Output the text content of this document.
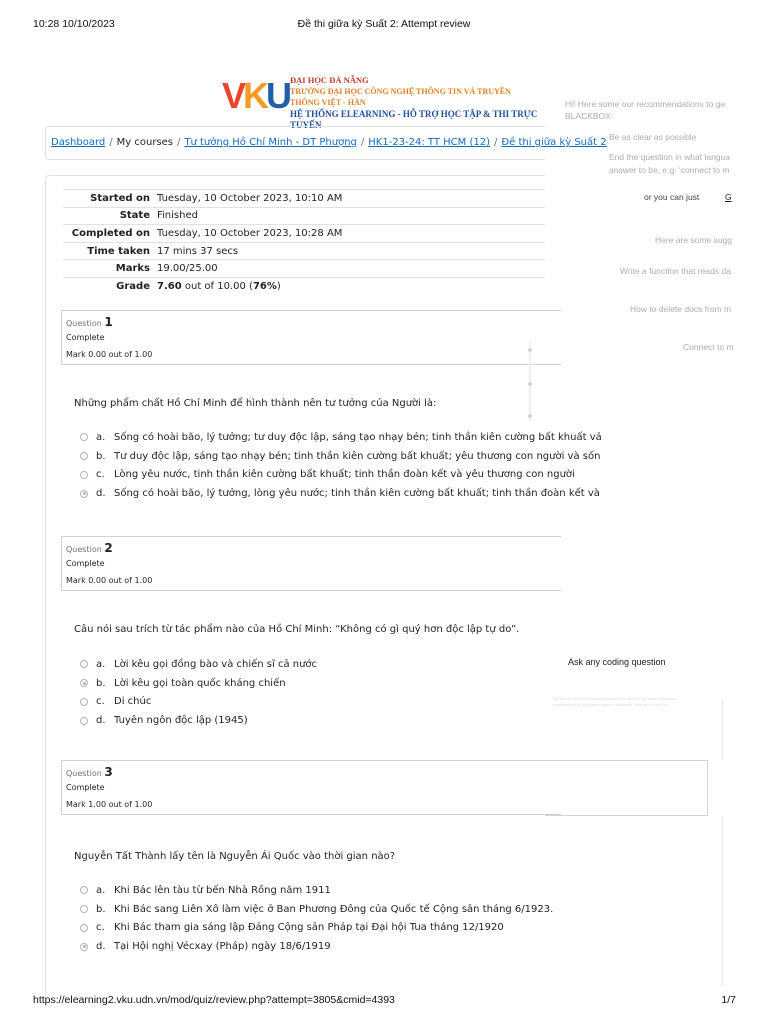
10:28 10/10/2023	Đề thi giữa kỳ Suất 2: Attempt review
VKU ĐẠI HỌC ĐÀ NẴNG
TRƯỜNG ĐẠI HỌC CÔNG NGHỆ THÔNG TIN VÀ TRUYỀN THÔNG VIỆT - HÀN
HỆ THỐNG ELEARNING - HỖ TRỢ HỌC TẬP & THI TRỰC TUYẾN
Dashboard / My courses / Tư tưởng Hồ Chí Minh - DT Phượng / HK1-23-24: TT HCM (12) / Đề thi giữa kỳ Suất 2
Started on	Tuesday, 10 October 2023, 10:10 AM
State	Finished
Completed on	Tuesday, 10 October 2023, 10:28 AM
Time taken	17 mins 37 secs
Marks	19.00/25.00
Grade	7.60 out of 10.00 (76%)
Question 1
Complete
Mark 0.00 out of 1.00
Những phẩm chất Hồ Chí Minh để hình thành nên tư tưởng của Người là:
a. Sống có hoài bão, lý tưởng; tư duy độc lập, sáng tạo nhạy bén; tinh thần kiên cường bất khuất vả
b. Tư duy độc lập, sáng tạo nhạy bén; tinh thần kiên cường bất khuất; yêu thương con người và sốn
c. Lòng yêu nước, tinh thần kiên cường bất khuất; tinh thần đoàn kết và yêu thương con người
d. Sống có hoài bão, lý tưởng, lòng yêu nước; tinh thần kiên cường bất khuất; tinh thần đoàn kết và
Question 2
Complete
Mark 0.00 out of 1.00
Câu nói sau trích từ tác phẩm nào của Hồ Chí Minh: “Không có gì quý hơn độc lập tự do”.
a. Lời kêu gọi đồng bào và chiến sĩ cả nước
b. Lời kêu gọi toàn quốc kháng chiến
c. Di chúc
d. Tuyên ngôn độc lập (1945)
Question 3
Complete
Mark 1.00 out of 1.00
Nguyễn Tất Thành lấy tên là Nguyễn Ái Quốc vào thời gian nào?
a. Khi Bác lên tàu từ bến Nhà Rồng năm 1911
b. Khi Bác sang Liên Xô làm việc ở Ban Phương Đông của Quốc tế Cộng sản tháng 6/1923.
c. Khi Bác tham gia sáng lập Đảng Cộng sản Pháp tại Đại hội Tua tháng 12/1920
d. Tại Hội nghị Vécxay (Pháp) ngày 18/6/1919
Hi! Here some our recommendations to ge
BLACKBOX:
Be as clear as possible
End the question in what langua
answer to be, e.g: ‘connect to m
or you can just	G
Here are some sugg
Write a function that reads da
How to delete docs from m
Connect to m
Ask any coding question
Blackbox AI Chat is in beta and Blackbox is not liable for the content generated.
acknowledge that you agree to agree to Blackbox's Terms and Privacy Po
https://elearning2.vku.udn.vn/mod/quiz/review.php?attempt=3805&cmid=4393	1/7
